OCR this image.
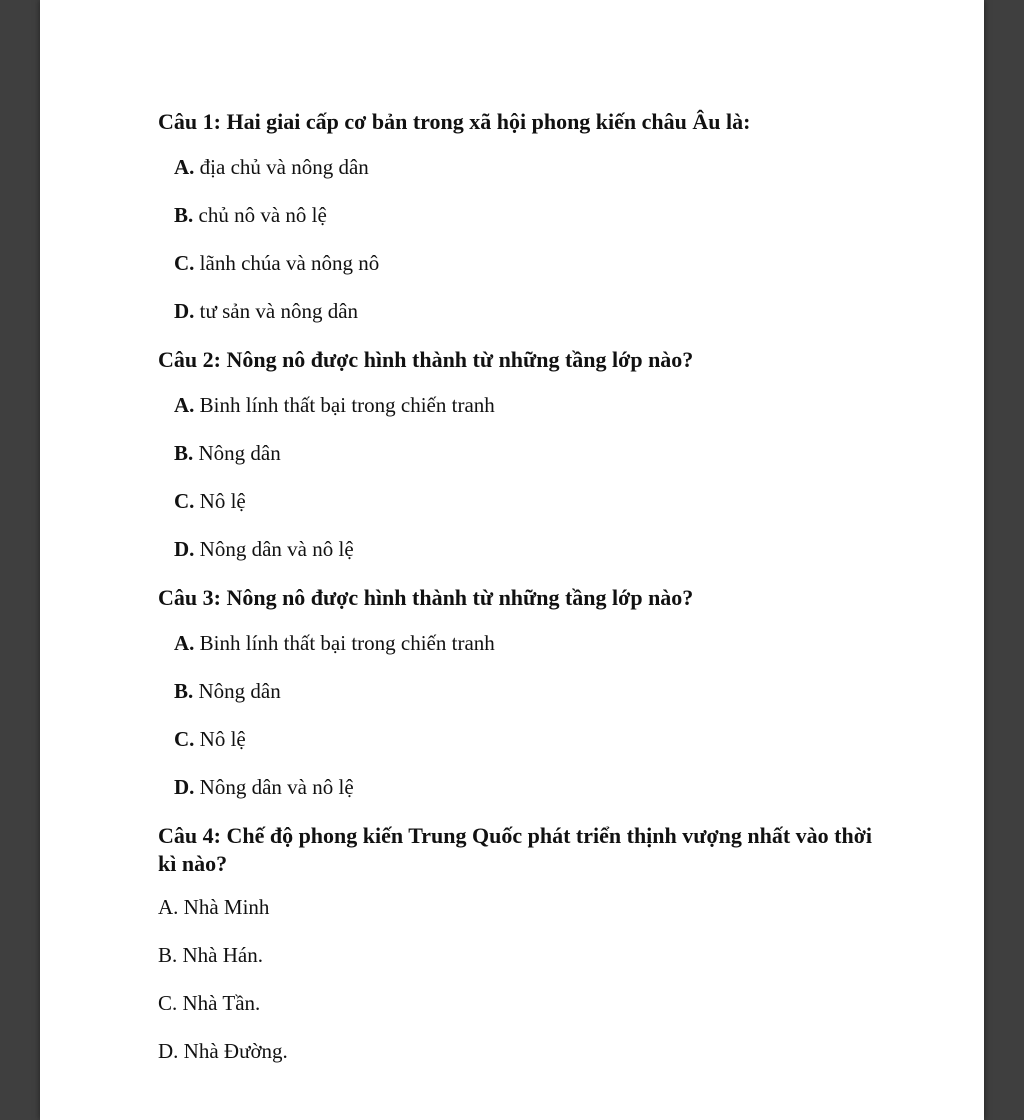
Câu 1: Hai giai cấp cơ bản trong xã hội phong kiến châu Âu là:

A. địa chủ và nông dân

B. chủ nô và nô lệ

C. lãnh chúa và nông nô

D. tư sản và nông dân

Câu 2: Nông nô được hình thành từ những tầng lớp nào?

A. Binh lính thất bại trong chiến tranh

B. Nông dân

C. Nô lệ

D. Nông dân và nô lệ

Câu 3: Nông nô được hình thành từ những tầng lớp nào?

A. Binh lính thất bại trong chiến tranh

B. Nông dân

C. Nô lệ

D. Nông dân và nô lệ

Câu 4: Chế độ phong kiến Trung Quốc phát triển thịnh vượng nhất vào thời kì nào?

A. Nhà Minh

B. Nhà Hán.

C. Nhà Tần.

D. Nhà Đường.
